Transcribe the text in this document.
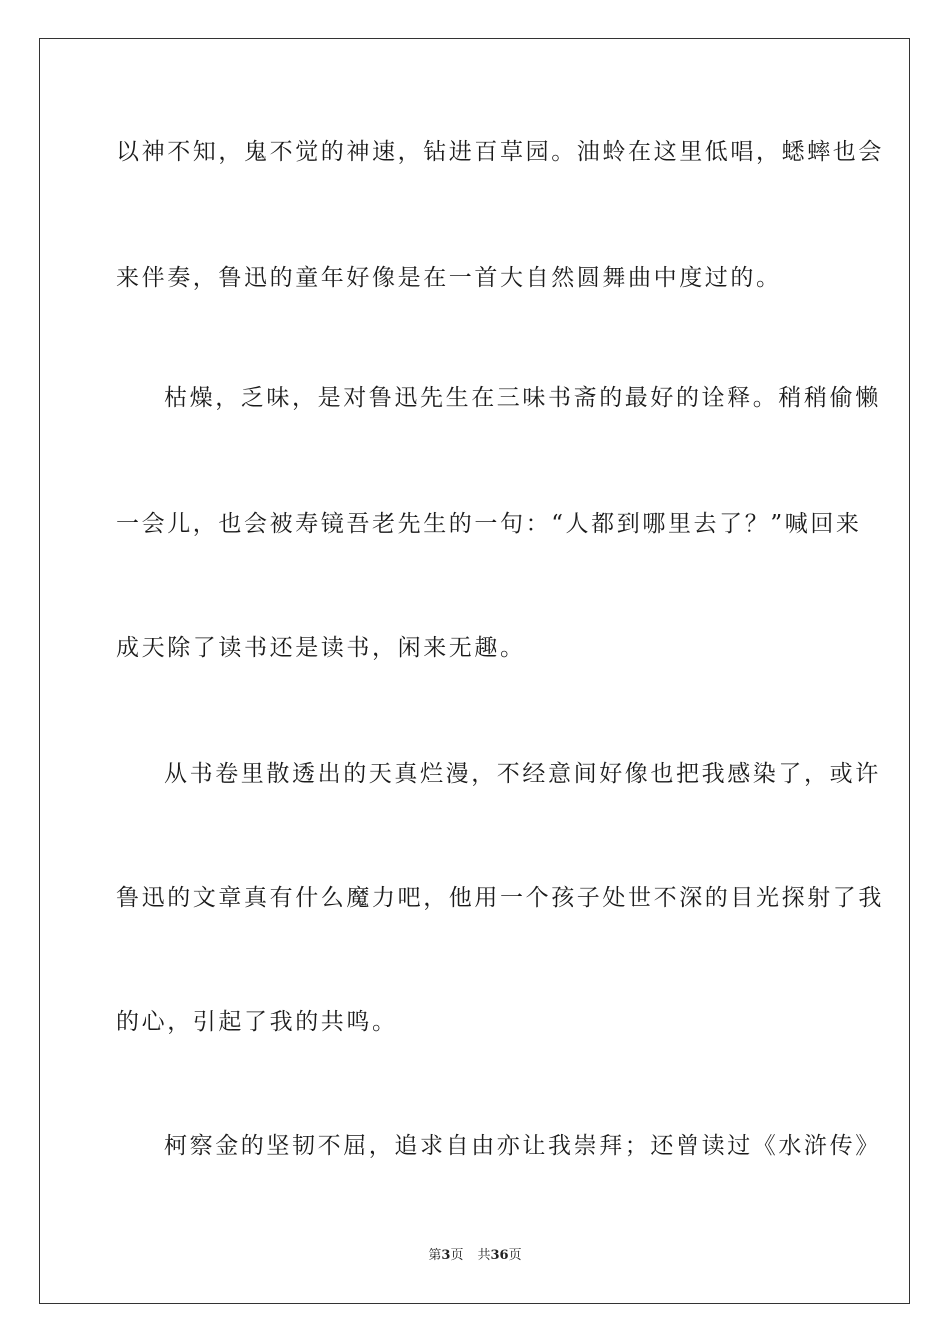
以神不知，鬼不觉的神速，钻进百草园。油蛉在这里低唱，蟋蟀也会
来伴奏，鲁迅的童年好像是在一首大自然圆舞曲中度过的。
枯燥，乏味，是对鲁迅先生在三味书斋的最好的诠释。稍稍偷懒
一会儿，也会被寿镜吾老先生的一句：“人都到哪里去了？”喊回来
成天除了读书还是读书，闲来无趣。
从书卷里散透出的天真烂漫，不经意间好像也把我感染了，或许
鲁迅的文章真有什么魔力吧，他用一个孩子处世不深的目光探射了我
的心，引起了我的共鸣。
柯察金的坚韧不屈，追求自由亦让我崇拜；还曾读过《水浒传》
第3页 共36页
